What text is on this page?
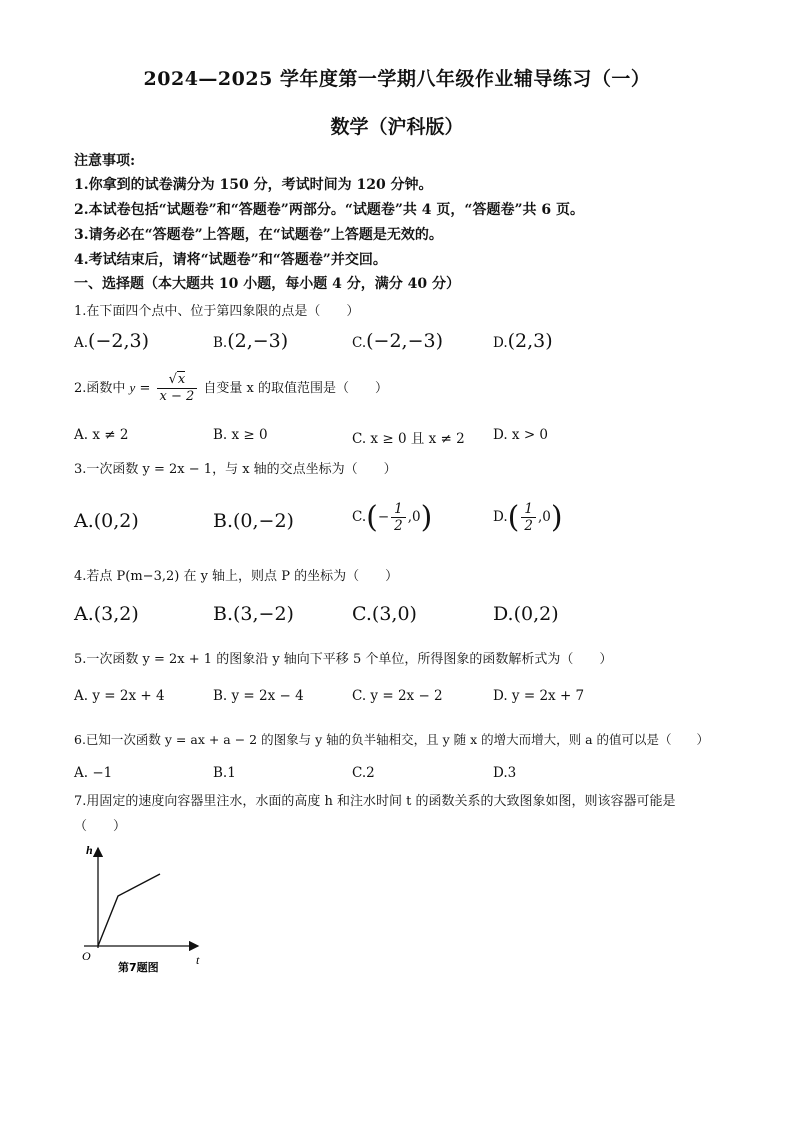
2024—2025 学年度第一学期八年级作业辅导练习（一）
数学（沪科版）
注意事项:
1.你拿到的试卷满分为 150 分，考试时间为 120 分钟。
2.本试卷包括“试题卷”和“答题卷”两部分。“试题卷”共 4 页，“答题卷”共 6 页。
3.请务必在“答题卷”上答题，在“试题卷”上答题是无效的。
4.考试结束后，请将“试题卷”和“答题卷”并交回。
一、选择题（本大题共 10 小题，每小题 4 分，满分 40 分）
1.在下面四个点中、位于第四象限的点是（　　）
A.(−2,3)	B.(2,−3)	C.(−2,−3)	D.(2,3)
2.函数中 $y = \frac{√x}{x - 2}$ 自变量 x 的取值范围是（　　）
A. x ≠ 2	B. x ≥ 0	C. x ≥ 0 且 x ≠ 2 D. x > 0
3.一次函数 y = 2x − 1，与 x 轴的交点坐标为（　　）
A.(0,2)	B.(0,−2)	$C.(- \frac{1}{2} ,0)$	$D.( \frac{1}{2} ,0)$
4.若点 P(m−3,2) 在 y 轴上，则点 P 的坐标为（　　）
A.(3,2)	B.(3,−2)	C.(3,0)	D.(0,2)
5.一次函数 y = 2x + 1 的图象沿 y 轴向下平移 5 个单位，所得图象的函数解析式为（　　）
A. y = 2x + 4	B. y = 2x − 4	C. y = 2x − 2	D. y = 2x + 7
6.已知一次函数 y = ax + a − 2 的图象与 y 轴的负半轴相交，且 y 随 x 的增大而增大，则 a 的值可以是（　　）
A. −1	B.1	C.2	D.3
7.用固定的速度向容器里注水，水面的高度 h 和注水时间 t 的函数关系的大致图象如图，则该容器可能是
（　　）
h
O	t
第7题图
